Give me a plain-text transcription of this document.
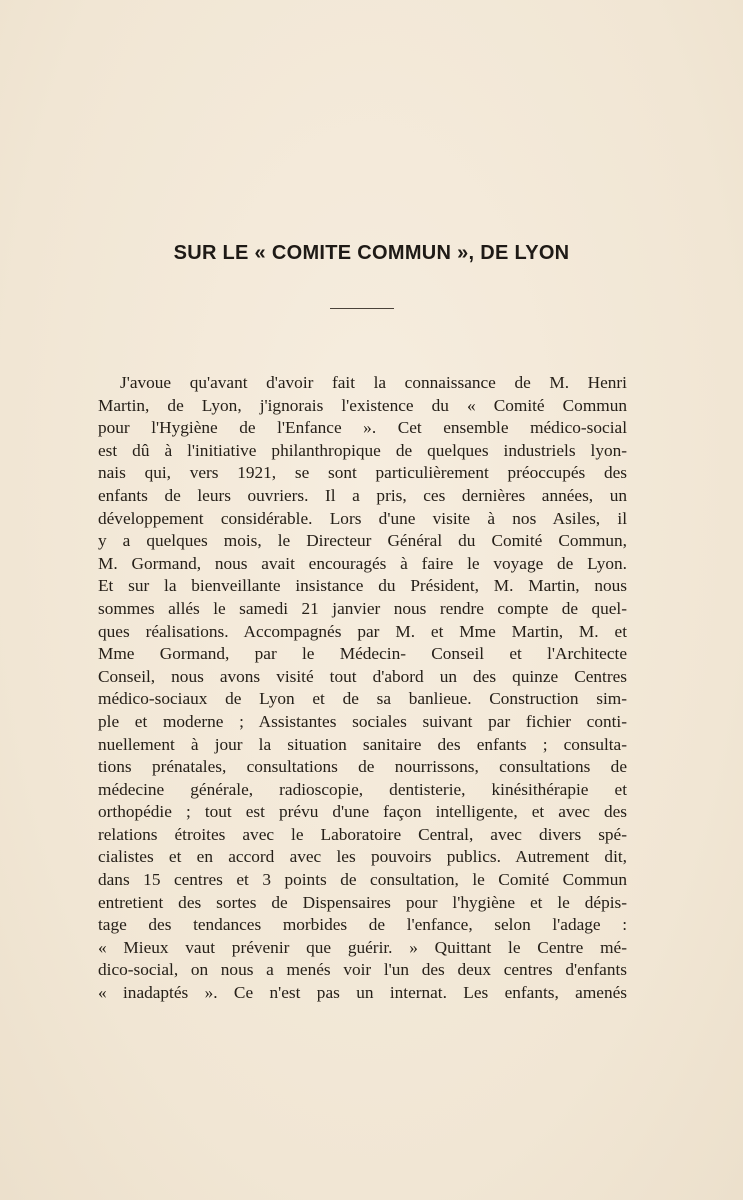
SUR LE « COMITE COMMUN », DE LYON
J'avoue qu'avant d'avoir fait la connaissance de M. Henri
Martin, de Lyon, j'ignorais l'existence du « Comité Commun
pour l'Hygiène de l'Enfance ». Cet ensemble médico-social
est dû à l'initiative philanthropique de quelques industriels lyon-
nais qui, vers 1921, se sont particulièrement préoccupés des
enfants de leurs ouvriers. Il a pris, ces dernières années, un
développement considérable. Lors d'une visite à nos Asiles, il
y a quelques mois, le Directeur Général du Comité Commun,
M. Gormand, nous avait encouragés à faire le voyage de Lyon.
Et sur la bienveillante insistance du Président, M. Martin, nous
sommes allés le samedi 21 janvier nous rendre compte de quel-
ques réalisations. Accompagnés par M. et Mme Martin, M. et
Mme Gormand, par le Médecin- Conseil et l'Architecte
Conseil, nous avons visité tout d'abord un des quinze Centres
médico-sociaux de Lyon et de sa banlieue. Construction sim-
ple et moderne ; Assistantes sociales suivant par fichier conti-
nuellement à jour la situation sanitaire des enfants ; consulta-
tions prénatales, consultations de nourrissons, consultations de
médecine générale, radioscopie, dentisterie, kinésithérapie et
orthopédie ; tout est prévu d'une façon intelligente, et avec des
relations étroites avec le Laboratoire Central, avec divers spé-
cialistes et en accord avec les pouvoirs publics. Autrement dit,
dans 15 centres et 3 points de consultation, le Comité Commun
entretient des sortes de Dispensaires pour l'hygiène et le dépis-
tage des tendances morbides de l'enfance, selon l'adage :
« Mieux vaut prévenir que guérir. » Quittant le Centre mé-
dico-social, on nous a menés voir l'un des deux centres d'enfants
« inadaptés ». Ce n'est pas un internat. Les enfants, amenés
